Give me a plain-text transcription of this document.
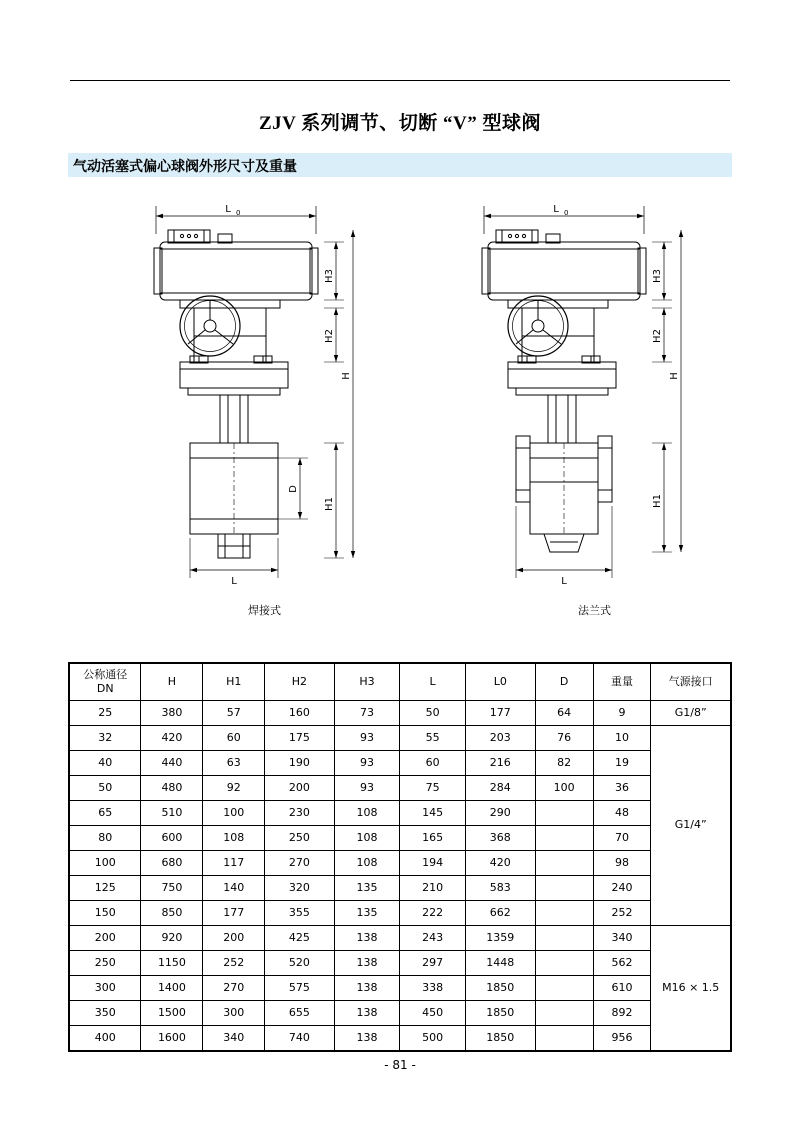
ZJV 系列调节、切断 “V” 型球阀
气动活塞式偏心球阀外形尺寸及重量
L 0
H3
H2
H
D
H1
L
L 0
H3
H2
H
H1
L
焊接式	法兰式
公称通径
DN	H	H1	H2	H3	L	L0	D	重量	气源接口
25	380	57	160	73	50	177	64	9	G1/8”
32	420	60	175	93	55	203	76	10	G1/4”
40	440	63	190	93	60	216	82	19	
50	480	92	200	93	75	284	100	36	
65	510	100	230	108	145	290		48	
80	600	108	250	108	165	368		70	
100	680	117	270	108	194	420		98	
125	750	140	320	135	210	583		240	
150	850	177	355	135	222	662		252	
200	920	200	425	138	243	1359		340	M16 × 1.5
250	1150	252	520	138	297	1448		562	
300	1400	270	575	138	338	1850		610	
350	1500	300	655	138	450	1850		892	
400	1600	340	740	138	500	1850		956	
- 81 -
